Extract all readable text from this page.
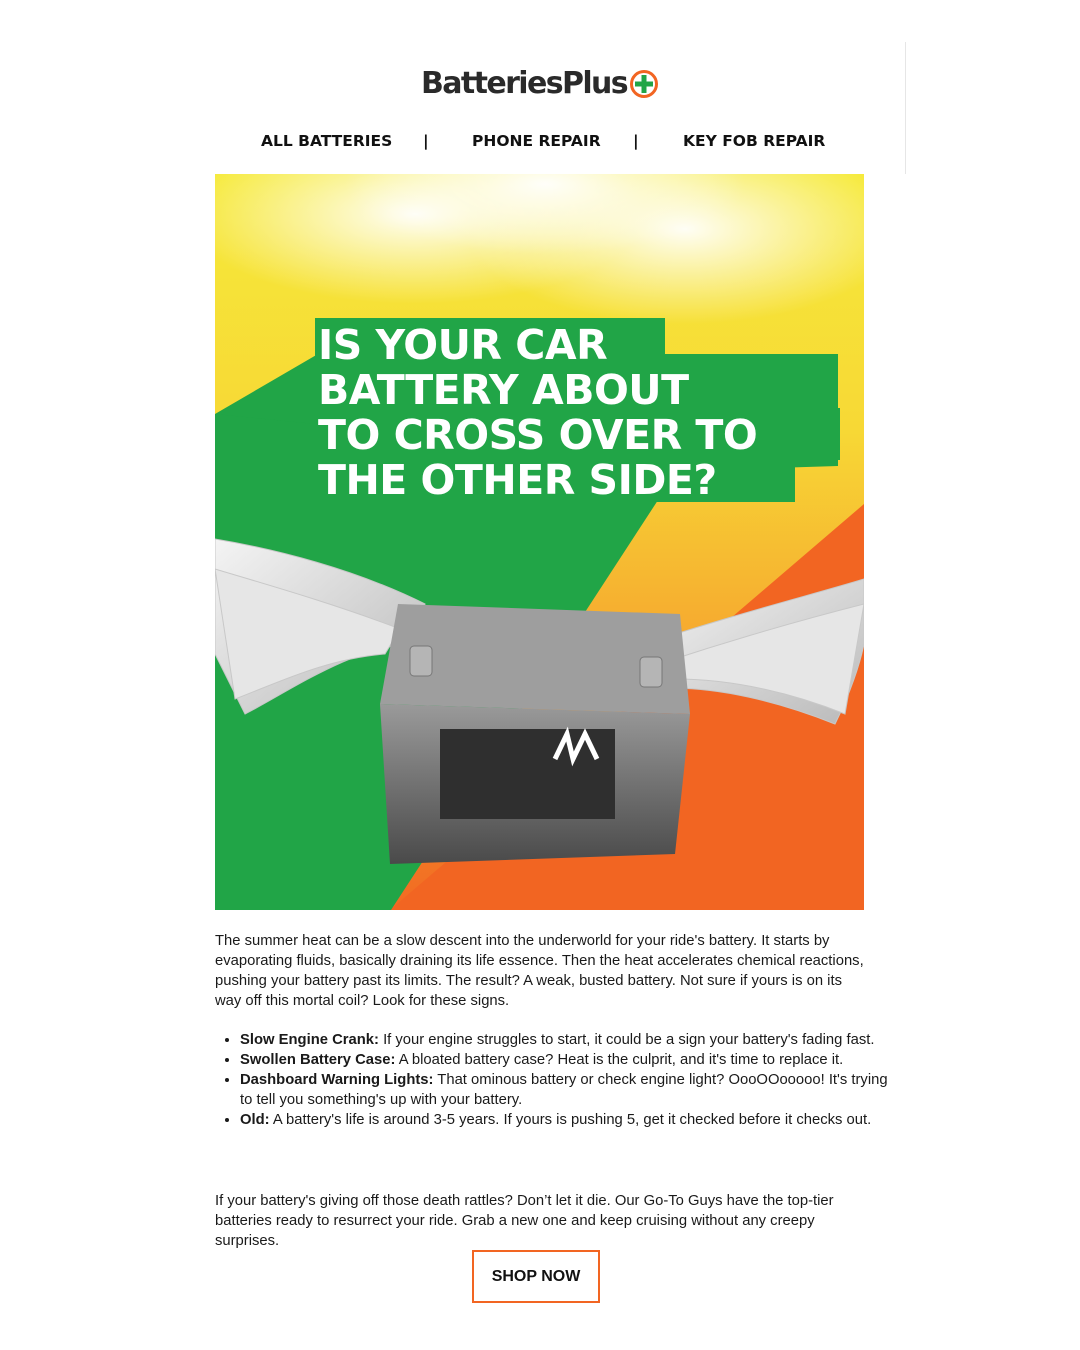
BatteriesPlus
ALL BATTERIES |	PHONE REPAIR |	KEY FOB REPAIR
IS YOUR CAR
BATTERY ABOUT
TO CROSS OVER TO
THE OTHER SIDE?

The summer heat can be a slow descent into the underworld for your ride's battery. It starts by evaporating fluids, basically draining its life essence. Then the heat accelerates chemical reactions, pushing your battery past its limits. The result? A weak, busted battery. Not sure if yours is on its way off this mortal coil? Look for these signs.

• Slow Engine Crank: If your engine struggles to start, it could be a sign your battery's fading fast.
• Swollen Battery Case: A bloated battery case? Heat is the culprit, and it's time to replace it.
• Dashboard Warning Lights: That ominous battery or check engine light? OooOOooooo! It's trying to tell you something's up with your battery.
• Old: A battery's life is around 3-5 years. If yours is pushing 5, get it checked before it checks out.

If your battery's giving off those death rattles? Don’t let it die. Our Go-To Guys have the top-tier batteries ready to resurrect your ride. Grab a new one and keep cruising without any creepy surprises.

SHOP NOW
